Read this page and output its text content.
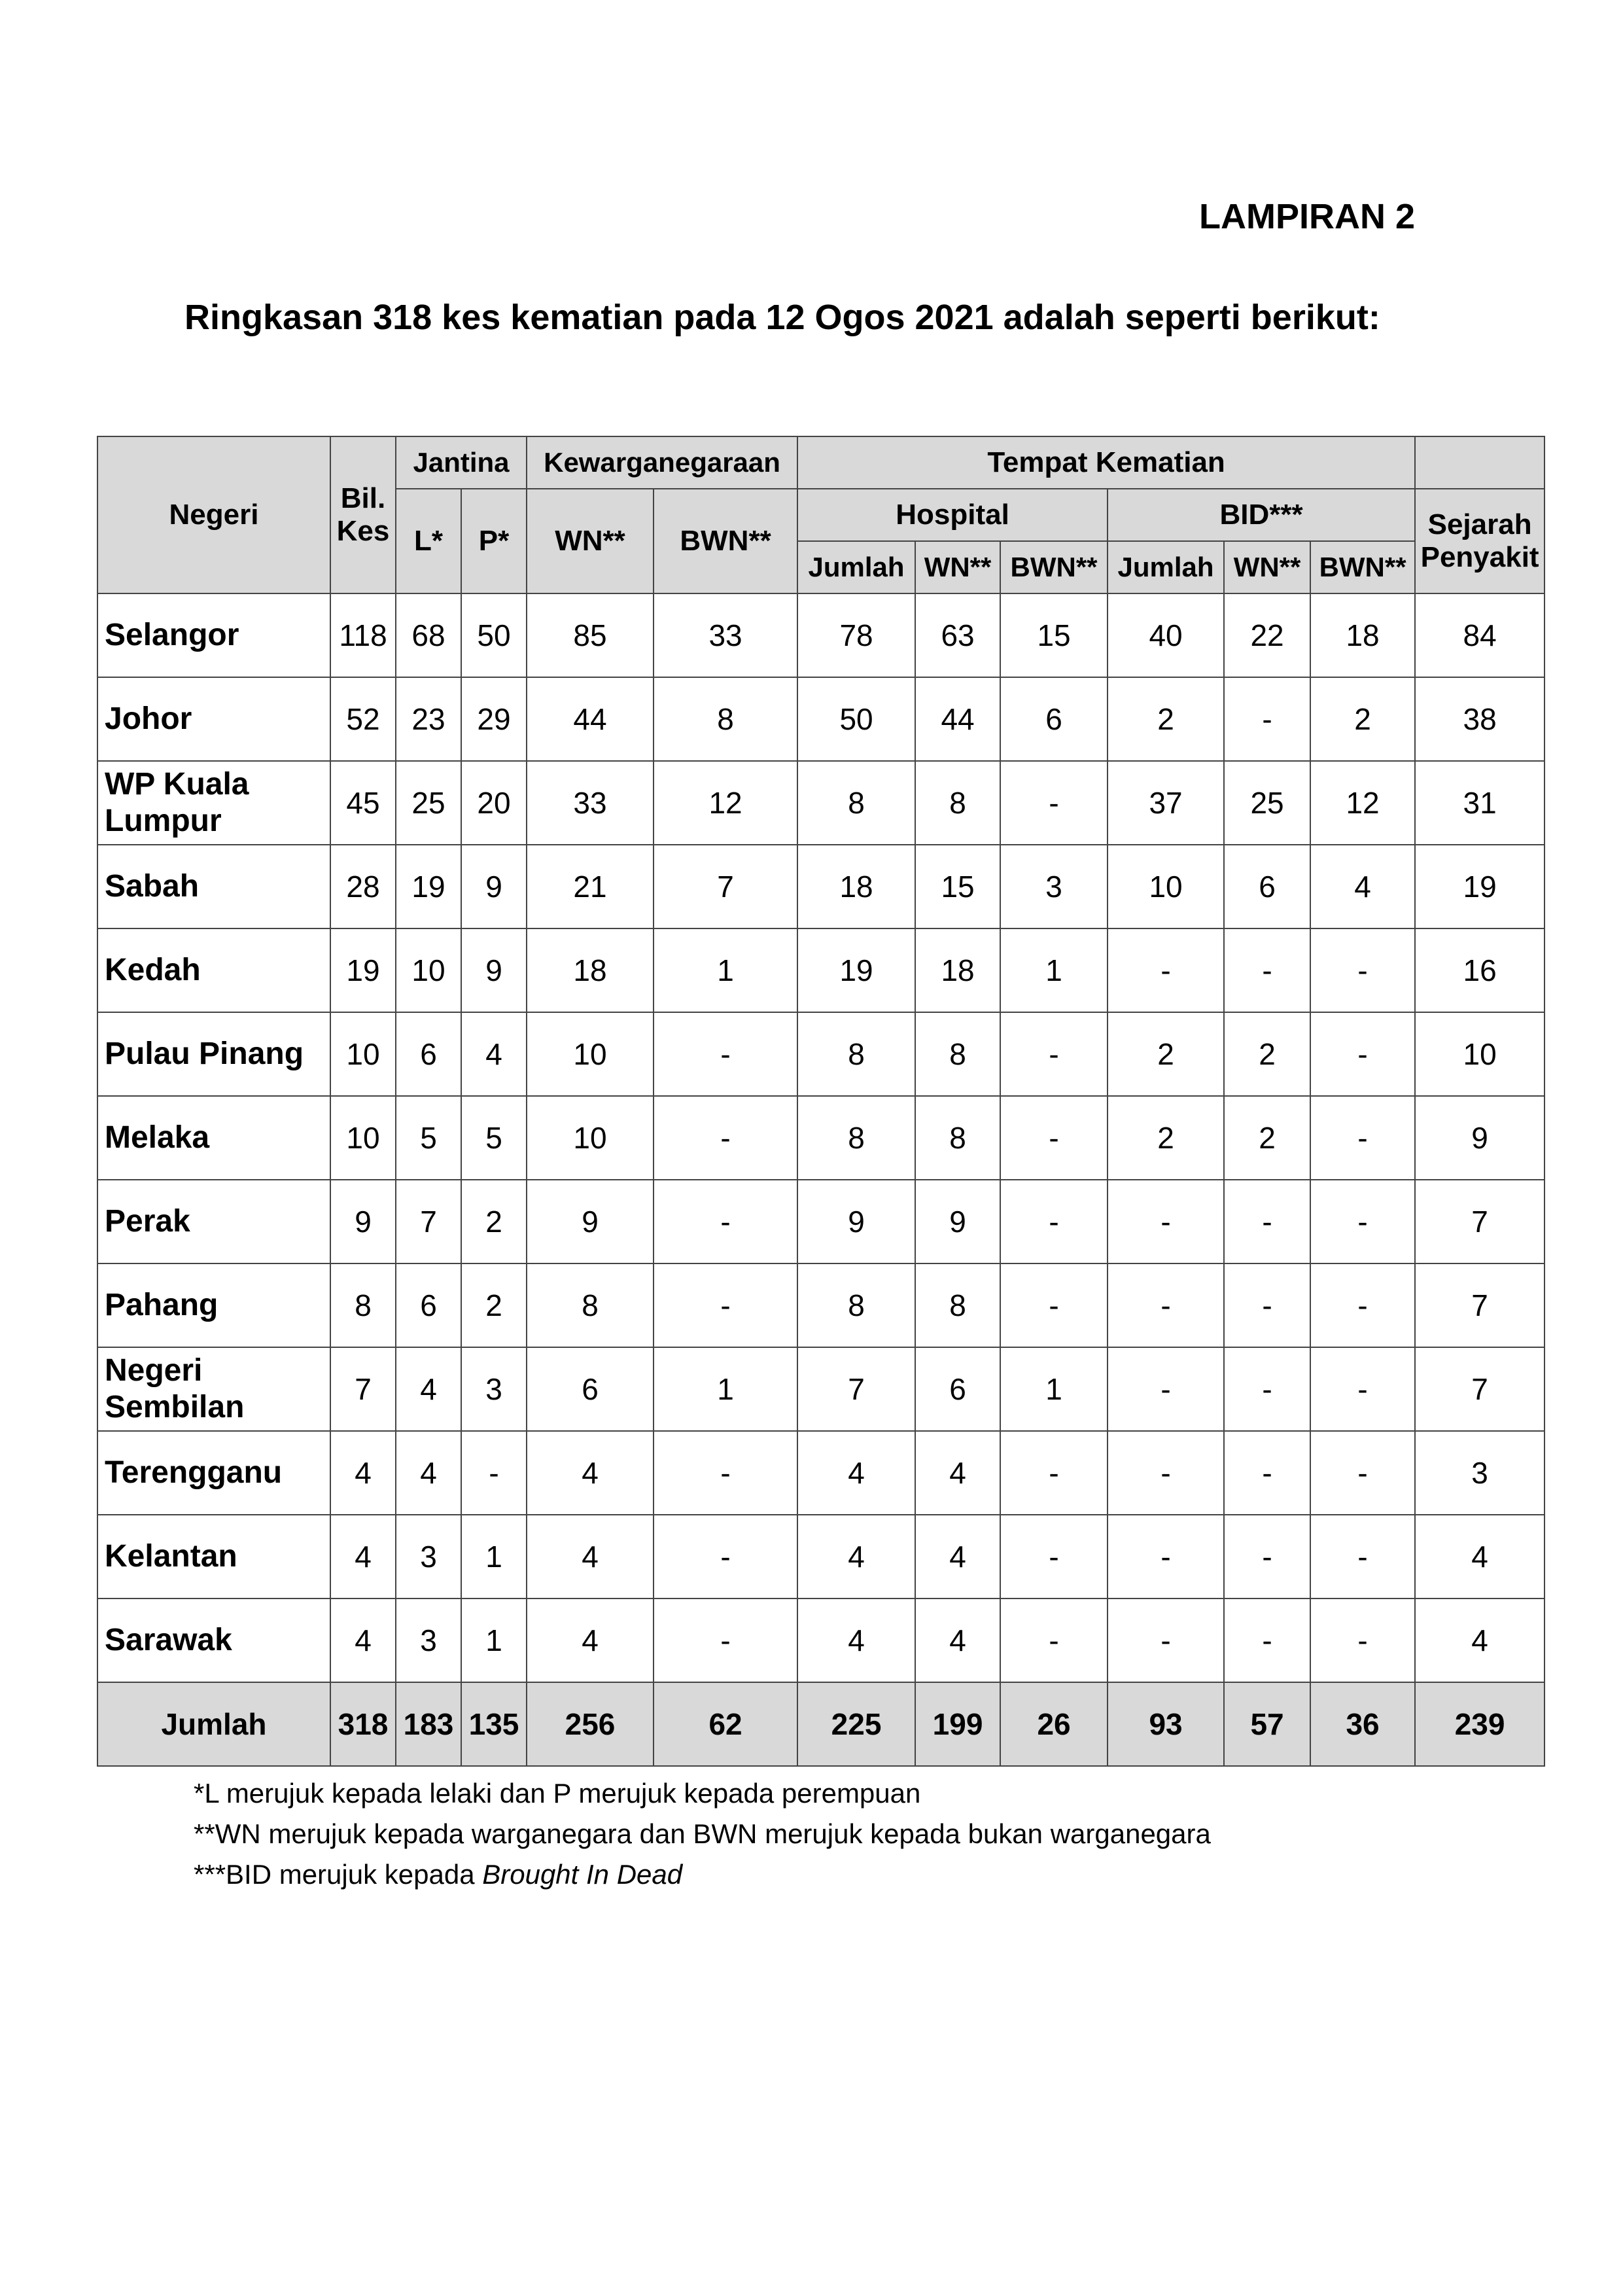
LAMPIRAN 2
Ringkasan 318 kes kematian pada 12 Ogos 2021 adalah seperti berikut:
Negeri	Bil. Kes	Jantina		Kewarganegaraan		Tempat Kematian						
		L*	P*	WN**	BWN**	Hospital			BID***			Sejarah Penyakit
						Jumlah	WN**	BWN**	Jumlah	WN**	BWN**	
Selangor	118	68	50	85	33	78	63	15	40	22	18	84
Johor	52	23	29	44	8	50	44	6	2	-	2	38
WP Kuala Lumpur	45	25	20	33	12	8	8	-	37	25	12	31
Sabah	28	19	9	21	7	18	15	3	10	6	4	19
Kedah	19	10	9	18	1	19	18	1	-	-	-	16
Pulau Pinang	10	6	4	10	-	8	8	-	2	2	-	10
Melaka	10	5	5	10	-	8	8	-	2	2	-	9
Perak	9	7	2	9	-	9	9	-	-	-	-	7
Pahang	8	6	2	8	-	8	8	-	-	-	-	7
Negeri Sembilan	7	4	3	6	1	7	6	1	-	-	-	7
Terengganu	4	4	-	4	-	4	4	-	-	-	-	3
Kelantan	4	3	1	4	-	4	4	-	-	-	-	4
Sarawak	4	3	1	4	-	4	4	-	-	-	-	4
Jumlah	318	183	135	256	62	225	199	26	93	57	36	239
*L merujuk kepada lelaki dan P merujuk kepada perempuan
**WN merujuk kepada warganegara dan BWN merujuk kepada bukan warganegara
***BID merujuk kepada Brought In Dead
